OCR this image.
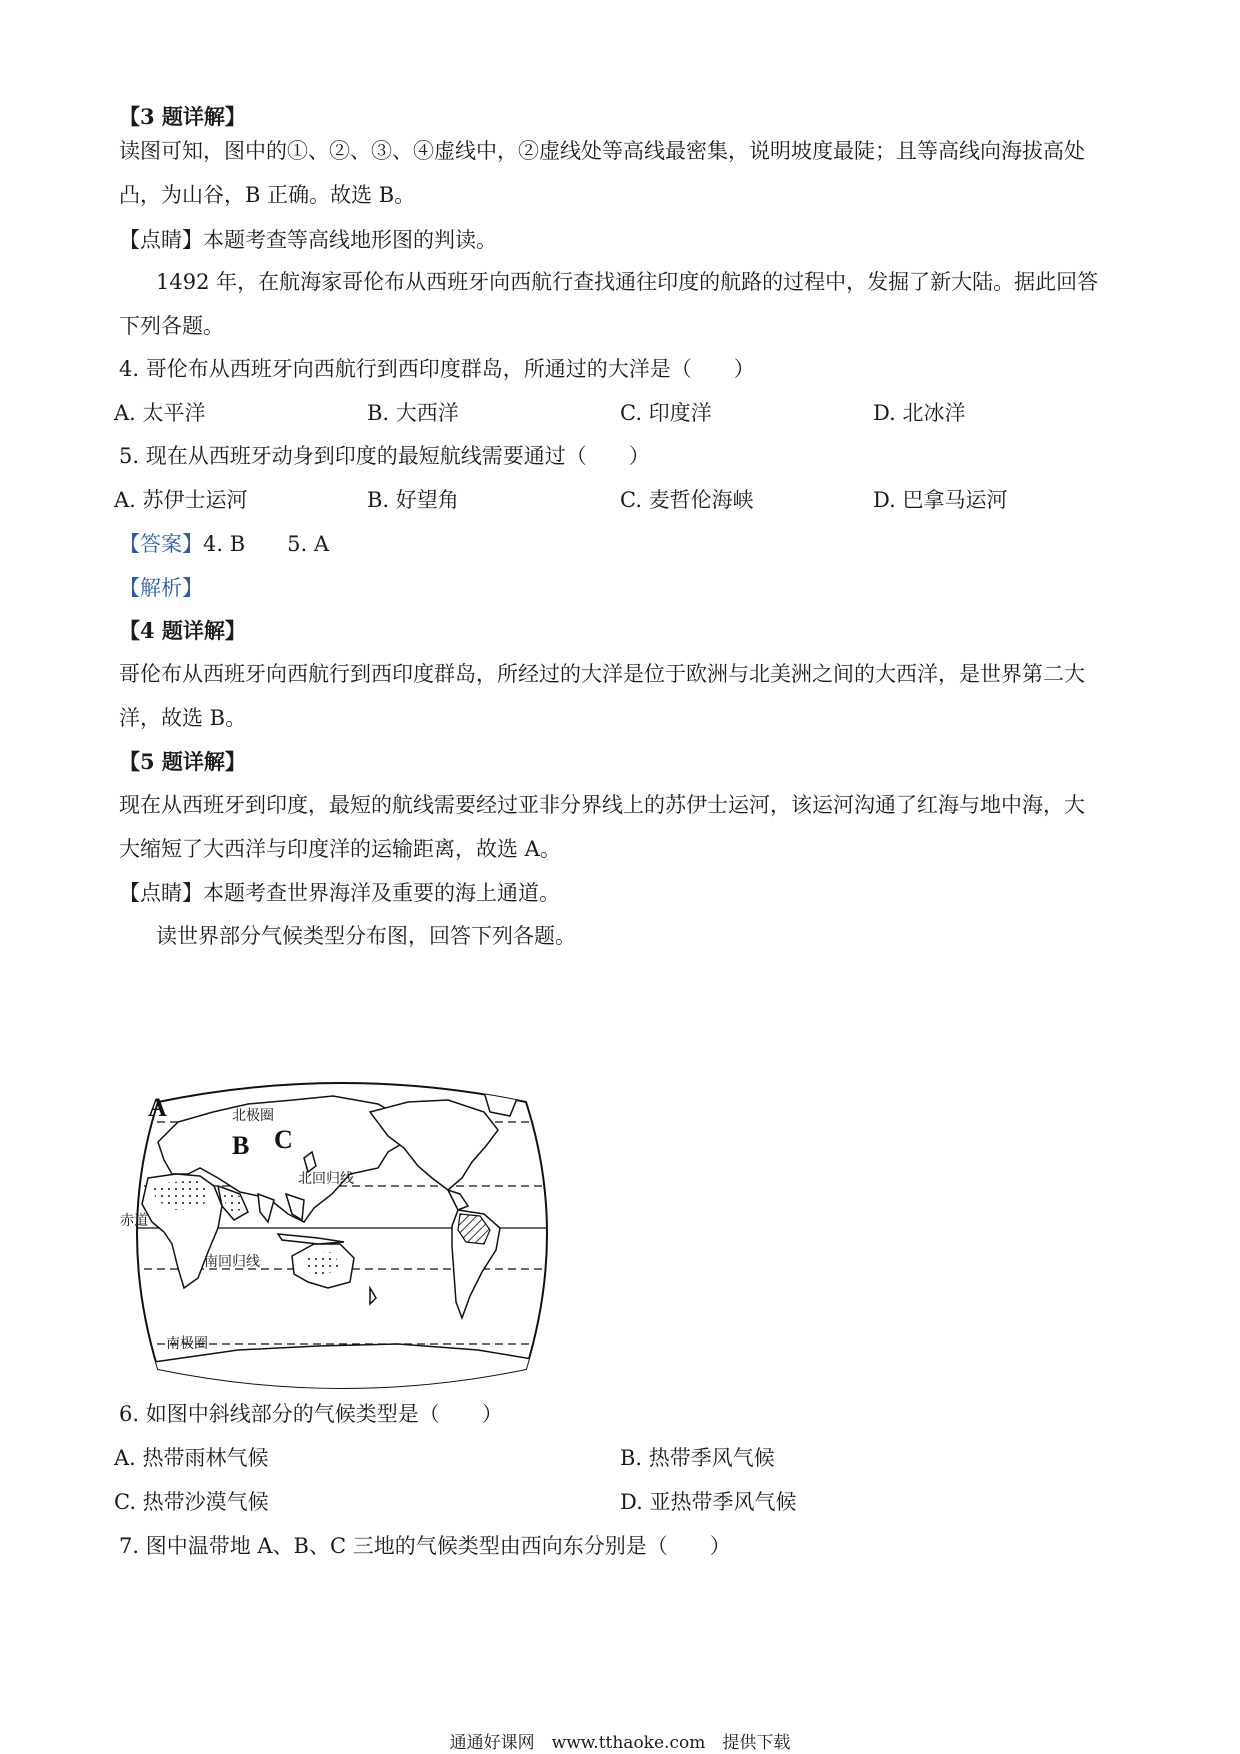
【3 题详解】
读图可知，图中的①、②、③、④虚线中，②虚线处等高线最密集，说明坡度最陡；且等高线向海拔高处
凸，为山谷，B 正确。故选 B。
【点睛】本题考查等高线地形图的判读。
1492 年，在航海家哥伦布从西班牙向西航行查找通往印度的航路的过程中，发掘了新大陆。据此回答
下列各题。
4. 哥伦布从西班牙向西航行到西印度群岛，所通过的大洋是（　　）
A. 太平洋	B. 大西洋	C. 印度洋	D. 北冰洋
5. 现在从西班牙动身到印度的最短航线需要通过（　　）
A. 苏伊士运河	B. 好望角	C. 麦哲伦海峡	D. 巴拿马运河
【答案】4. B　　5. A
【解析】
【4 题详解】
哥伦布从西班牙向西航行到西印度群岛，所经过的大洋是位于欧洲与北美洲之间的大西洋，是世界第二大
洋，故选 B。
【5 题详解】
现在从西班牙到印度，最短的航线需要经过亚非分界线上的苏伊士运河，该运河沟通了红海与地中海，大
大缩短了大西洋与印度洋的运输距离，故选 A。
【点睛】本题考查世界海洋及重要的海上通道。
读世界部分气候类型分布图，回答下列各题。
北极圈
北回归线
赤道
南回归线
南极圈
A
B C
6. 如图中斜线部分的气候类型是（　　）
A. 热带雨林气候	B. 热带季风气候
C. 热带沙漠气候	D. 亚热带季风气候
7. 图中温带地 A、B、C 三地的气候类型由西向东分别是（　　）
通通好课网　www.tthaoke.com　提供下载
